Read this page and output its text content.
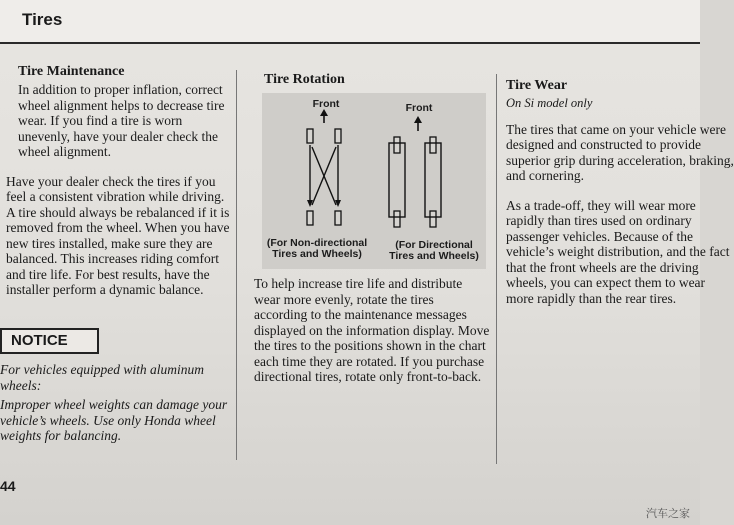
Tires
Tire Maintenance

In addition to proper inflation, correct wheel alignment helps to decrease tire wear. If you find a tire is worn unevenly, have your dealer check the wheel alignment.

Have your dealer check the tires if you feel a consistent vibration while driving. A tire should always be rebalanced if it is removed from the wheel. When you have new tires installed, make sure they are balanced. This increases riding comfort and tire life. For best results, have the installer perform a dynamic balance.

NOTICE

For vehicles equipped with aluminum wheels:

Improper wheel weights can damage your vehicle’s wheels. Use only Honda wheel weights for balancing.

Tire Rotation
Front	Front
(For Non-directional Tires and Wheels)
(For Directional Tires and Wheels)

To help increase tire life and distribute wear more evenly, rotate the tires according to the maintenance messages displayed on the information display. Move the tires to the positions shown in the chart each time they are rotated. If you purchase directional tires, rotate only front-to-back.

Tire Wear
On Si model only

The tires that came on your vehicle were designed and constructed to provide superior grip during acceleration, braking, and cornering.

As a trade-off, they will wear more rapidly than tires used on ordinary passenger vehicles. Because of the vehicle’s weight distribution, and the fact that the front wheels are the driving wheels, you can expect them to wear more rapidly than the rear tires.

44
汽车之家
